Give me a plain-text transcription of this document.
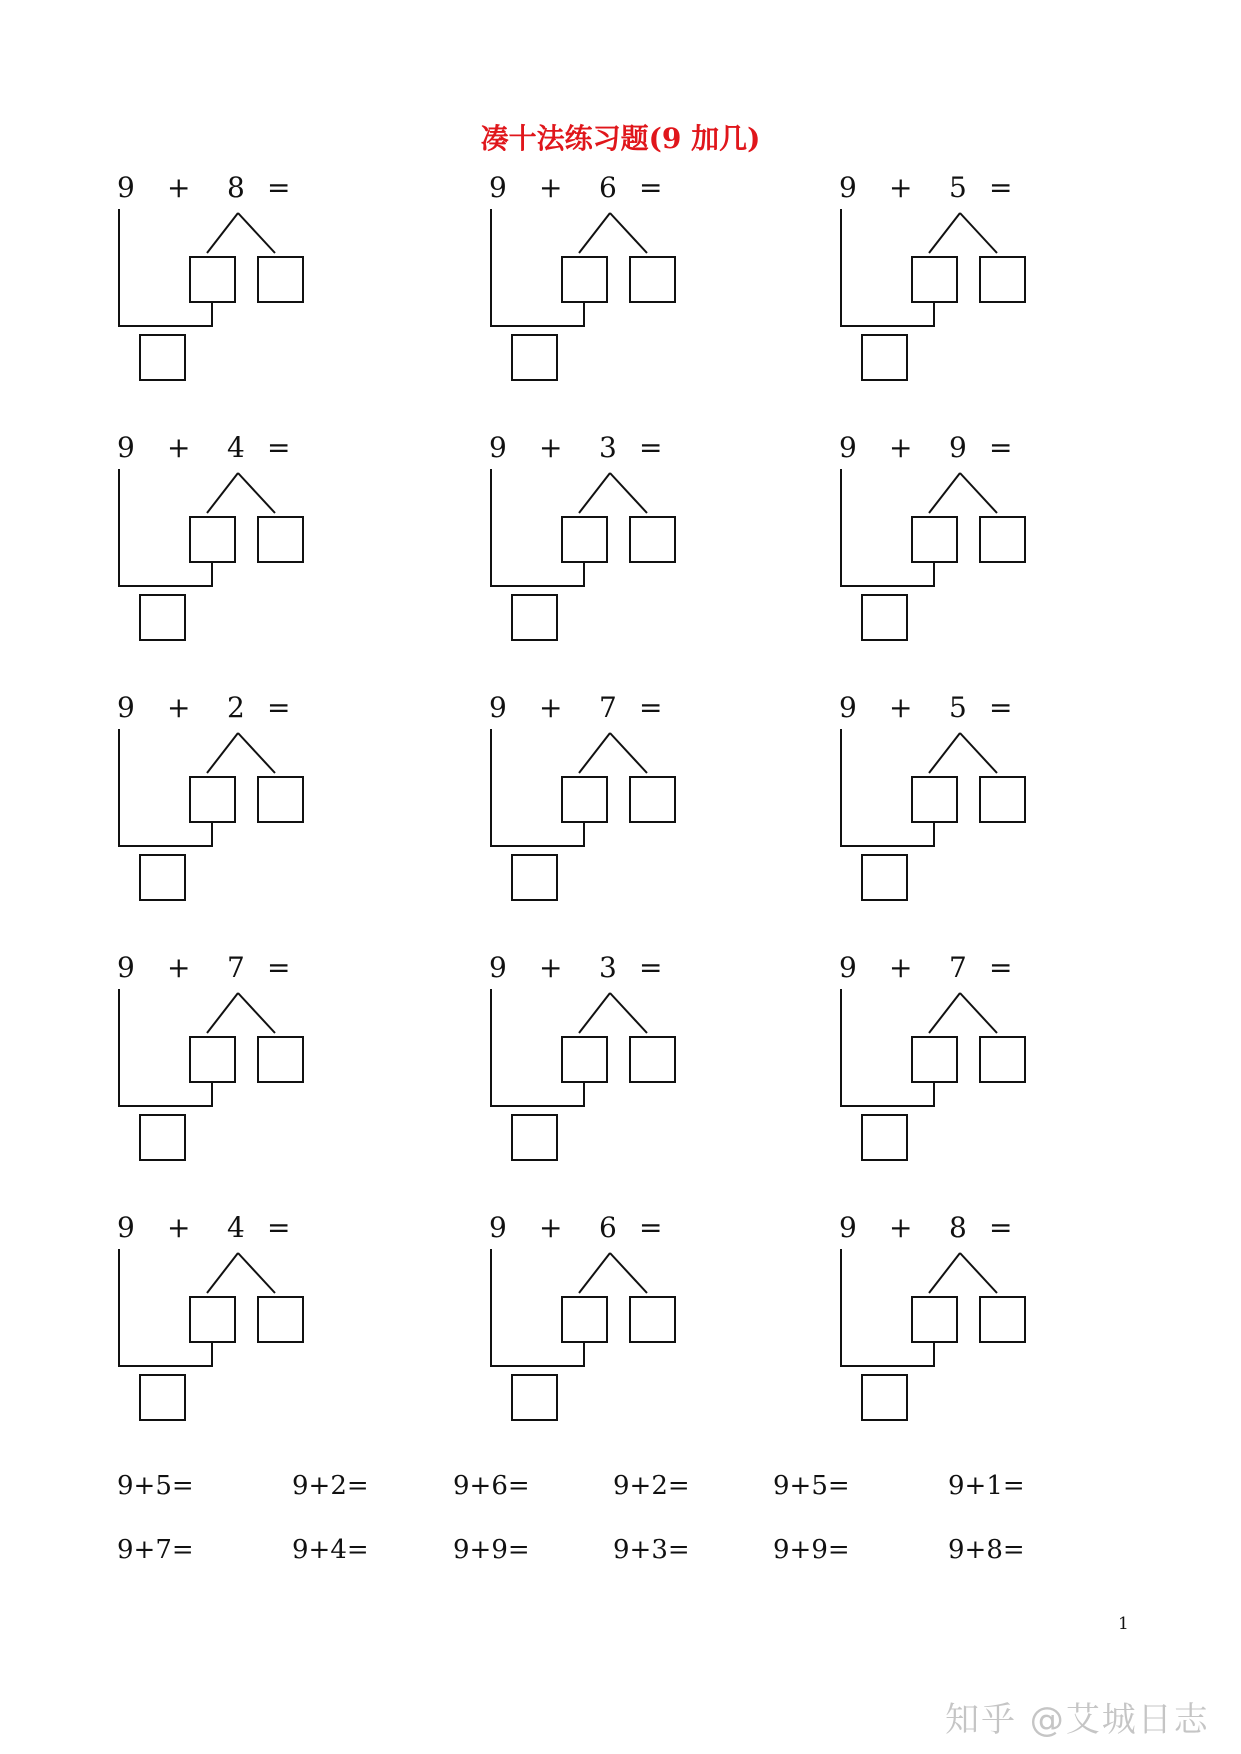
凑十法练习题(9 加几)
9 + 8 =	9 + 6 =	9 + 5 =
9 + 4 =	9 + 3 =	9 + 9 =
9 + 2 =	9 + 7 =	9 + 5 =
9 + 7 =	9 + 3 =	9 + 7 =
9 + 4 =	9 + 6 =	9 + 8 =
9+5=	9+2=	9+6=	9+2=	9+5=	9+1=
9+7=	9+4=	9+9=	9+3=	9+9=	9+8=
1
知乎 @艾城日志
